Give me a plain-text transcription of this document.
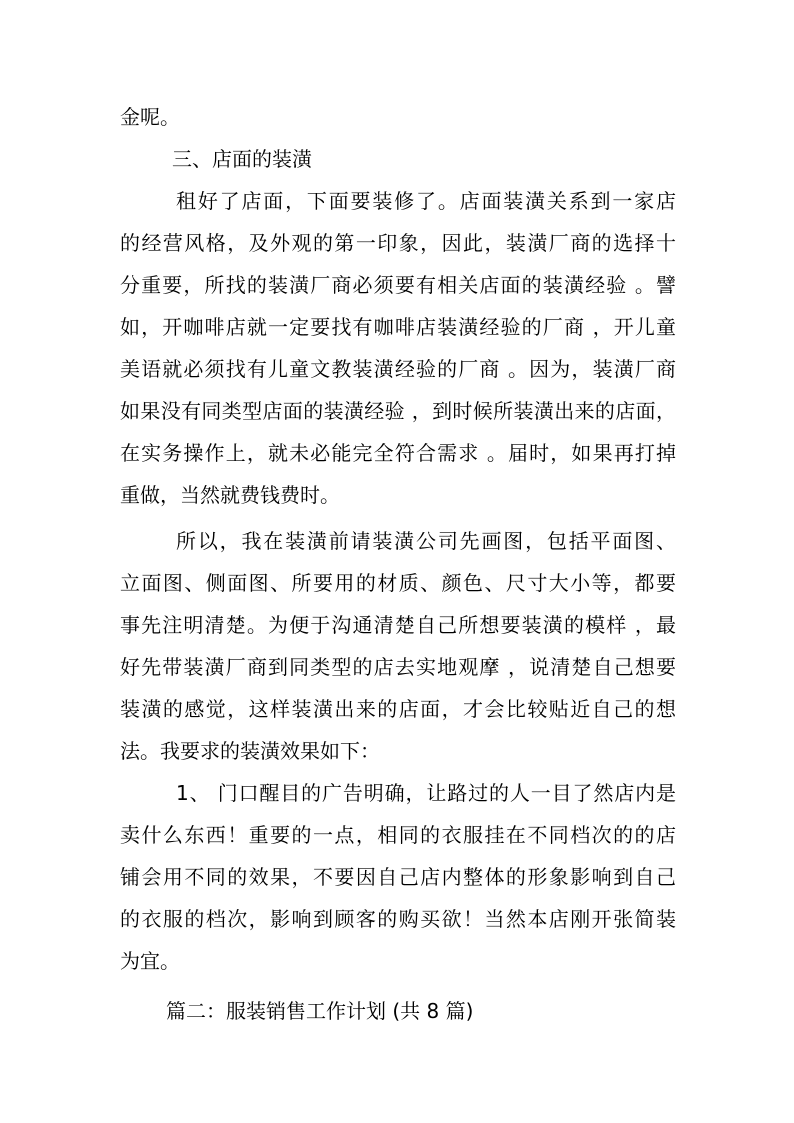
金呢。

三、店面的装潢

租好了店面，下面要装修了。店面装潢关系到一家店

的经营风格，及外观的第一印象，因此，装潢厂商的选择十

分重要，所找的装潢厂商必须要有相关店面的装潢经验 。譬

如，开咖啡店就一定要找有咖啡店装潢经验的厂商 ，开儿童

美语就必须找有儿童文教装潢经验的厂商 。因为，装潢厂商

如果没有同类型店面的装潢经验 ，到时候所装潢出来的店面，

在实务操作上，就未必能完全符合需求 。届时，如果再打掉

重做，当然就费钱费时。

所以，我在装潢前请装潢公司先画图，包括平面图、

立面图、侧面图、所要用的材质、颜色、尺寸大小等，都要

事先注明清楚。为便于沟通清楚自己所想要装潢的模样 ，最

好先带装潢厂商到同类型的店去实地观摩 ，说清楚自己想要

装潢的感觉，这样装潢出来的店面，才会比较贴近自己的想

法。我要求的装潢效果如下：

1、 门口醒目的广告明确，让路过的人一目了然店内是

卖什么东西！重要的一点，相同的衣服挂在不同档次的的店

铺会用不同的效果，不要因自己店内整体的形象影响到自己

的衣服的档次，影响到顾客的购买欲！当然本店刚开张简装

为宜。

篇二：服装销售工作计划 (共 8 篇)
